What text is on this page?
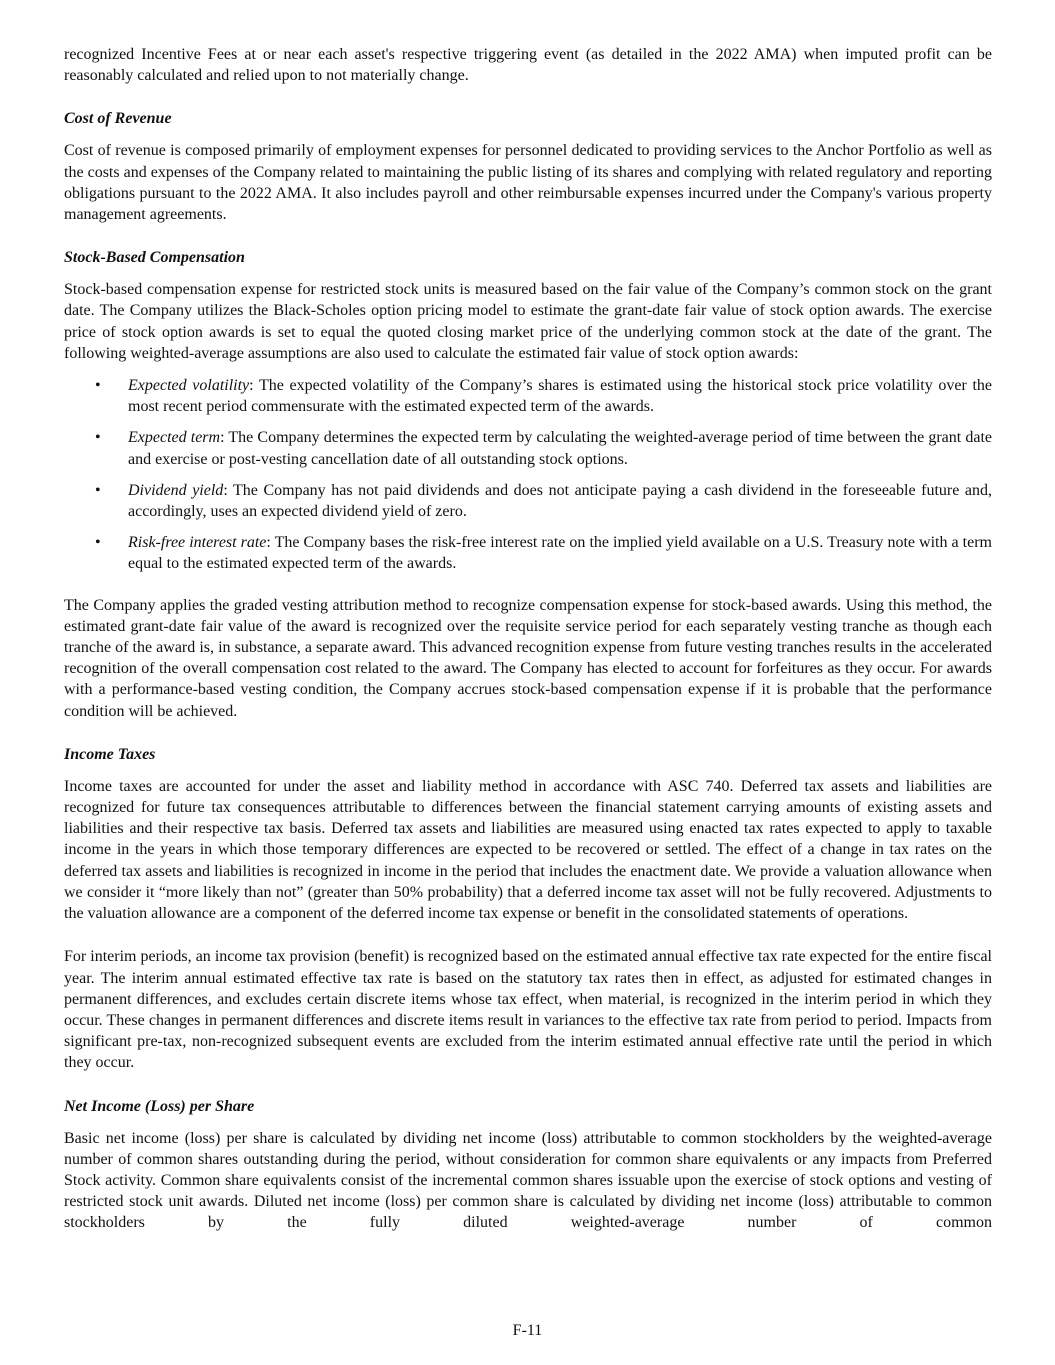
recognized Incentive Fees at or near each asset's respective triggering event (as detailed in the 2022 AMA) when imputed profit can be reasonably calculated and relied upon to not materially change.

Cost of Revenue

Cost of revenue is composed primarily of employment expenses for personnel dedicated to providing services to the Anchor Portfolio as well as the costs and expenses of the Company related to maintaining the public listing of its shares and complying with related regulatory and reporting obligations pursuant to the 2022 AMA. It also includes payroll and other reimbursable expenses incurred under the Company's various property management agreements.

Stock-Based Compensation

Stock-based compensation expense for restricted stock units is measured based on the fair value of the Company’s common stock on the grant date. The Company utilizes the Black-Scholes option pricing model to estimate the grant-date fair value of stock option awards. The exercise price of stock option awards is set to equal the quoted closing market price of the underlying common stock at the date of the grant. The following weighted-average assumptions are also used to calculate the estimated fair value of stock option awards:

• Expected volatility: The expected volatility of the Company’s shares is estimated using the historical stock price volatility over the most recent period commensurate with the estimated expected term of the awards.

• Expected term: The Company determines the expected term by calculating the weighted-average period of time between the grant date and exercise or post-vesting cancellation date of all outstanding stock options.

• Dividend yield: The Company has not paid dividends and does not anticipate paying a cash dividend in the foreseeable future and, accordingly, uses an expected dividend yield of zero.

• Risk-free interest rate: The Company bases the risk-free interest rate on the implied yield available on a U.S. Treasury note with a term equal to the estimated expected term of the awards.

The Company applies the graded vesting attribution method to recognize compensation expense for stock-based awards. Using this method, the estimated grant-date fair value of the award is recognized over the requisite service period for each separately vesting tranche as though each tranche of the award is, in substance, a separate award. This advanced recognition expense from future vesting tranches results in the accelerated recognition of the overall compensation cost related to the award. The Company has elected to account for forfeitures as they occur. For awards with a performance-based vesting condition, the Company accrues stock-based compensation expense if it is probable that the performance condition will be achieved.

Income Taxes

Income taxes are accounted for under the asset and liability method in accordance with ASC 740. Deferred tax assets and liabilities are recognized for future tax consequences attributable to differences between the financial statement carrying amounts of existing assets and liabilities and their respective tax basis. Deferred tax assets and liabilities are measured using enacted tax rates expected to apply to taxable income in the years in which those temporary differences are expected to be recovered or settled. The effect of a change in tax rates on the deferred tax assets and liabilities is recognized in income in the period that includes the enactment date. We provide a valuation allowance when we consider it “more likely than not” (greater than 50% probability) that a deferred income tax asset will not be fully recovered. Adjustments to the valuation allowance are a component of the deferred income tax expense or benefit in the consolidated statements of operations.

For interim periods, an income tax provision (benefit) is recognized based on the estimated annual effective tax rate expected for the entire fiscal year. The interim annual estimated effective tax rate is based on the statutory tax rates then in effect, as adjusted for estimated changes in permanent differences, and excludes certain discrete items whose tax effect, when material, is recognized in the interim period in which they occur. These changes in permanent differences and discrete items result in variances to the effective tax rate from period to period. Impacts from significant pre-tax, non-recognized subsequent events are excluded from the interim estimated annual effective rate until the period in which they occur.

Net Income (Loss) per Share

Basic net income (loss) per share is calculated by dividing net income (loss) attributable to common stockholders by the weighted-average number of common shares outstanding during the period, without consideration for common share equivalents or any impacts from Preferred Stock activity. Common share equivalents consist of the incremental common shares issuable upon the exercise of stock options and vesting of restricted stock unit awards. Diluted net income (loss) per common share is calculated by dividing net income (loss) attributable to common stockholders by the fully diluted weighted-average number of common

F-11
